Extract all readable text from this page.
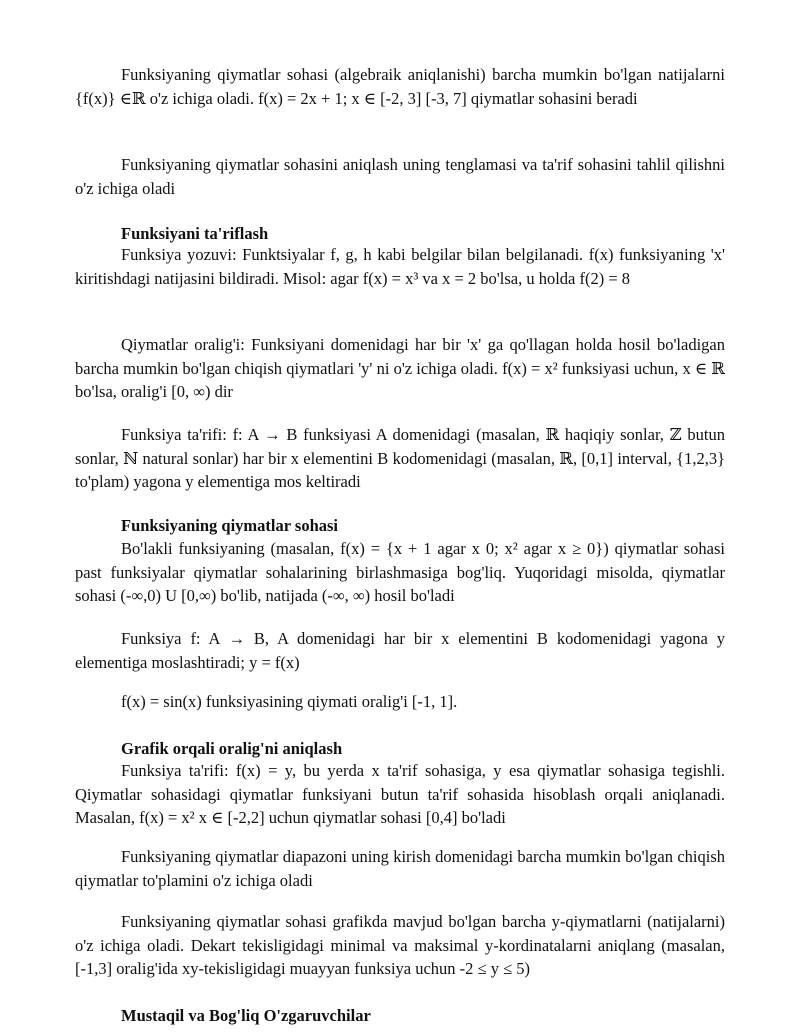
Funksiyaning qiymatlar sohasi (algebraik aniqlanishi) barcha mumkin bo'lgan natijalarni {f(x)} ∈ℝ o'z ichiga oladi. f(x) = 2x + 1; x ∈ [-2, 3] [-3, 7] qiymatlar sohasini beradi

Funksiyaning qiymatlar sohasini aniqlash uning tenglamasi va ta'rif sohasini tahlil qilishni o'z ichiga oladi

Funksiyani ta'riflash

Funksiya yozuvi: Funktsiyalar f, g, h kabi belgilar bilan belgilanadi. f(x) funksiyaning 'x' kiritishdagi natijasini bildiradi. Misol: agar f(x) = x³ va x = 2 bo'lsa, u holda f(2) = 8

Qiymatlar oralig'i: Funksiyani domenidagi har bir 'x' ga qo'llagan holda hosil bo'ladigan barcha mumkin bo'lgan chiqish qiymatlari 'y' ni o'z ichiga oladi. f(x) = x² funksiyasi uchun, x ∈ ℝ bo'lsa, oralig'i [0, ∞) dir

Funksiya ta'rifi: f: A → B funksiyasi A domenidagi (masalan, ℝ haqiqiy sonlar, ℤ butun sonlar, ℕ natural sonlar) har bir x elementini B kodomenidagi (masalan, ℝ, [0,1] interval, {1,2,3} to'plam) yagona y elementiga mos keltiradi

Funksiyaning qiymatlar sohasi

Bo'lakli funksiyaning (masalan, f(x) = {x + 1 agar x 0; x² agar x ≥ 0}) qiymatlar sohasi past funksiyalar qiymatlar sohalarining birlashmasiga bog'liq. Yuqoridagi misolda, qiymatlar sohasi (-∞,0) U [0,∞) bo'lib, natijada (-∞, ∞) hosil bo'ladi

Funksiya f: A → B, A domenidagi har bir x elementini B kodomenidagi yagona y elementiga moslashtiradi; y = f(x)

f(x) = sin(x) funksiyasining qiymati oralig'i [-1, 1].

Grafik orqali oralig'ni aniqlash

Funksiya ta'rifi: f(x) = y, bu yerda x ta'rif sohasiga, y esa qiymatlar sohasiga tegishli. Qiymatlar sohasidagi qiymatlar funksiyani butun ta'rif sohasida hisoblash orqali aniqlanadi. Masalan, f(x) = x² x ∈ [-2,2] uchun qiymatlar sohasi [0,4] bo'ladi

Funksiyaning qiymatlar diapazoni uning kirish domenidagi barcha mumkin bo'lgan chiqish qiymatlar to'plamini o'z ichiga oladi

Funksiyaning qiymatlar sohasi grafikda mavjud bo'lgan barcha y-qiymatlarni (natijalarni) o'z ichiga oladi. Dekart tekisligidagi minimal va maksimal y-kordinatalarni aniqlang (masalan, [-1,3] oralig'ida xy-tekisligidagi muayyan funksiya uchun -2 ≤ y ≤ 5)

Mustaqil va Bog'liq O'zgaruvchilar
